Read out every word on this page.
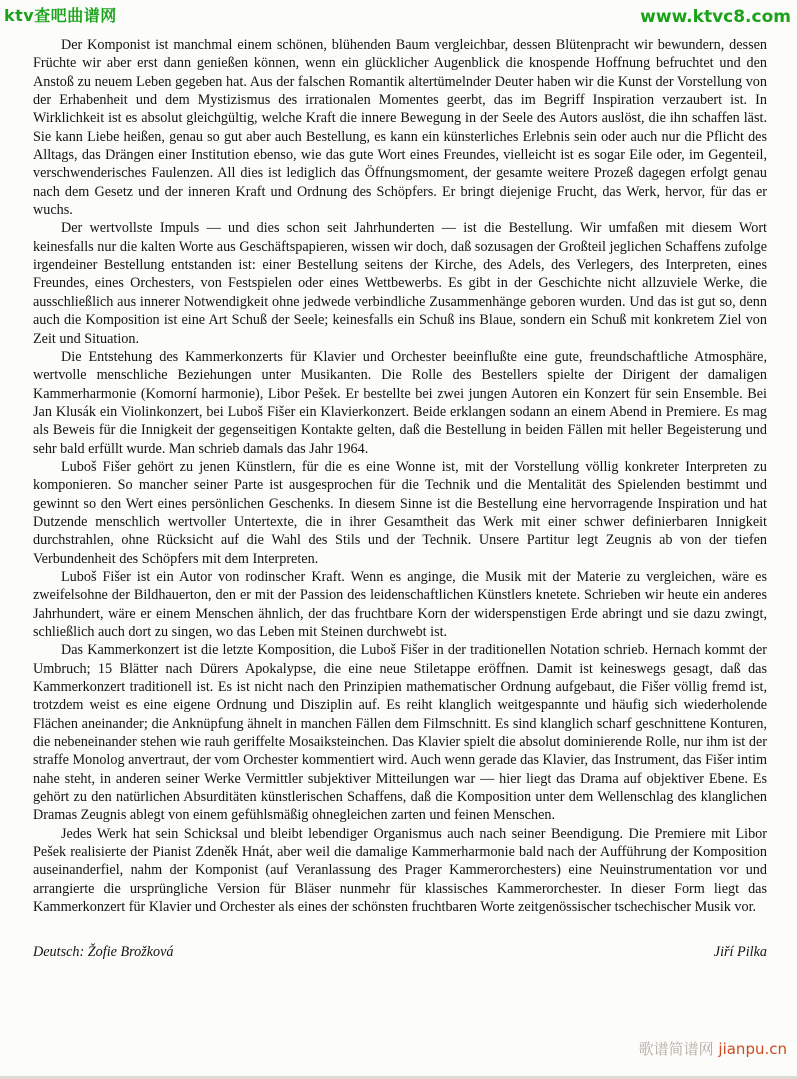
ktv查吧曲谱网	www.ktvc8.com

Der Komponist ist manchmal einem schönen, blühenden Baum vergleichbar, dessen Blütenpracht wir bewundern, dessen Früchte wir aber erst dann genießen können, wenn ein glücklicher Augenblick die knospende Hoffnung befruchtet und den Anstoß zu neuem Leben gegeben hat. Aus der falschen Romantik altertümelnder Deuter haben wir die Kunst der Vorstellung von der Erhabenheit und dem Mystizismus des irrationalen Momentes geerbt, das im Begriff Inspiration verzaubert ist. In Wirklichkeit ist es absolut gleichgültig, welche Kraft die innere Bewegung in der Seele des Autors auslöst, die ihn schaffen läst. Sie kann Liebe heißen, genau so gut aber auch Bestellung, es kann ein künsterliches Erlebnis sein oder auch nur die Pflicht des Alltags, das Drängen einer Institution ebenso, wie das gute Wort eines Freundes, vielleicht ist es sogar Eile oder, im Gegenteil, verschwenderisches Faulenzen. All dies ist lediglich das Öffnungsmoment, der gesamte weitere Prozeß dagegen erfolgt genau nach dem Gesetz und der inneren Kraft und Ordnung des Schöpfers. Er bringt diejenige Frucht, das Werk, hervor, für das er wuchs.

Der wertvollste Impuls — und dies schon seit Jahrhunderten — ist die Bestellung. Wir umfaßen mit diesem Wort keinesfalls nur die kalten Worte aus Geschäftspapieren, wissen wir doch, daß sozusagen der Großteil jeglichen Schaffens zufolge irgendeiner Bestellung entstanden ist: einer Bestellung seitens der Kirche, des Adels, des Verlegers, des Interpreten, eines Freundes, eines Orchesters, von Festspielen oder eines Wettbewerbs. Es gibt in der Geschichte nicht allzuviele Werke, die ausschließlich aus innerer Notwendigkeit ohne jedwede verbindliche Zusammenhänge geboren wurden. Und das ist gut so, denn auch die Komposition ist eine Art Schuß der Seele; keinesfalls ein Schuß ins Blaue, sondern ein Schuß mit konkretem Ziel von Zeit und Situation.

Die Entstehung des Kammerkonzerts für Klavier und Orchester beeinflußte eine gute, freundschaftliche Atmosphäre, wertvolle menschliche Beziehungen unter Musikanten. Die Rolle des Bestellers spielte der Dirigent der damaligen Kammerharmonie (Komorní harmonie), Libor Pešek. Er bestellte bei zwei jungen Autoren ein Konzert für sein Ensemble. Bei Jan Klusák ein Violinkonzert, bei Luboš Fišer ein Klavierkonzert. Beide erklangen sodann an einem Abend in Premiere. Es mag als Beweis für die Innigkeit der gegenseitigen Kontakte gelten, daß die Bestellung in beiden Fällen mit heller Begeisterung und sehr bald erfüllt wurde. Man schrieb damals das Jahr 1964.

Luboš Fišer gehört zu jenen Künstlern, für die es eine Wonne ist, mit der Vorstellung völlig konkreter Interpreten zu komponieren. So mancher seiner Parte ist ausgesprochen für die Technik und die Mentalität des Spielenden bestimmt und gewinnt so den Wert eines persönlichen Geschenks. In diesem Sinne ist die Bestellung eine hervorragende Inspiration und hat Dutzende menschlich wertvoller Untertexte, die in ihrer Gesamtheit das Werk mit einer schwer definierbaren Innigkeit durchstrahlen, ohne Rücksicht auf die Wahl des Stils und der Technik. Unsere Partitur legt Zeugnis ab von der tiefen Verbundenheit des Schöpfers mit dem Interpreten.

Luboš Fišer ist ein Autor von rodinscher Kraft. Wenn es anginge, die Musik mit der Materie zu vergleichen, wäre es zweifelsohne der Bildhauerton, den er mit der Passion des leidenschaftlichen Künstlers knetete. Schrieben wir heute ein anderes Jahrhundert, wäre er einem Menschen ähnlich, der das fruchtbare Korn der widerspenstigen Erde abringt und sie dazu zwingt, schließlich auch dort zu singen, wo das Leben mit Steinen durchwebt ist.

Das Kammerkonzert ist die letzte Komposition, die Luboš Fišer in der traditionellen Notation schrieb. Hernach kommt der Umbruch; 15 Blätter nach Dürers Apokalypse, die eine neue Stiletappe eröffnen. Damit ist keineswegs gesagt, daß das Kammerkonzert traditionell ist. Es ist nicht nach den Prinzipien mathematischer Ordnung aufgebaut, die Fišer völlig fremd ist, trotzdem weist es eine eigene Ordnung und Disziplin auf. Es reiht klanglich weitgespannte und häufig sich wiederholende Flächen aneinander; die Anknüpfung ähnelt in manchen Fällen dem Filmschnitt. Es sind klanglich scharf geschnittene Konturen, die nebeneinander stehen wie rauh geriffelte Mosaiksteinchen. Das Klavier spielt die absolut dominierende Rolle, nur ihm ist der straffe Monolog anvertraut, der vom Orchester kommentiert wird. Auch wenn gerade das Klavier, das Instrument, das Fišer intim nahe steht, in anderen seiner Werke Vermittler subjektiver Mitteilungen war — hier liegt das Drama auf objektiver Ebene. Es gehört zu den natürlichen Absurditäten künstlerischen Schaffens, daß die Komposition unter dem Wellenschlag des klanglichen Dramas Zeugnis ablegt von einem gefühlsmäßig ohnegleichen zarten und feinen Menschen.

Jedes Werk hat sein Schicksal und bleibt lebendiger Organismus auch nach seiner Beendigung. Die Premiere mit Libor Pešek realisierte der Pianist Zdeněk Hnát, aber weil die damalige Kammerharmonie bald nach der Aufführung der Komposition auseinanderfiel, nahm der Komponist (auf Veranlassung des Prager Kammerorchesters) eine Neuinstrumentation vor und arrangierte die ursprüngliche Version für Bläser nunmehr für klassisches Kammerorchester. In dieser Form liegt das Kammerkonzert für Klavier und Orchester als eines der schönsten fruchtbaren Worte zeitgenössischer tschechischer Musik vor.

Deutsch: Žofie Brožková	Jiří Pilka
歌谱简谱网 jianpu.cn
